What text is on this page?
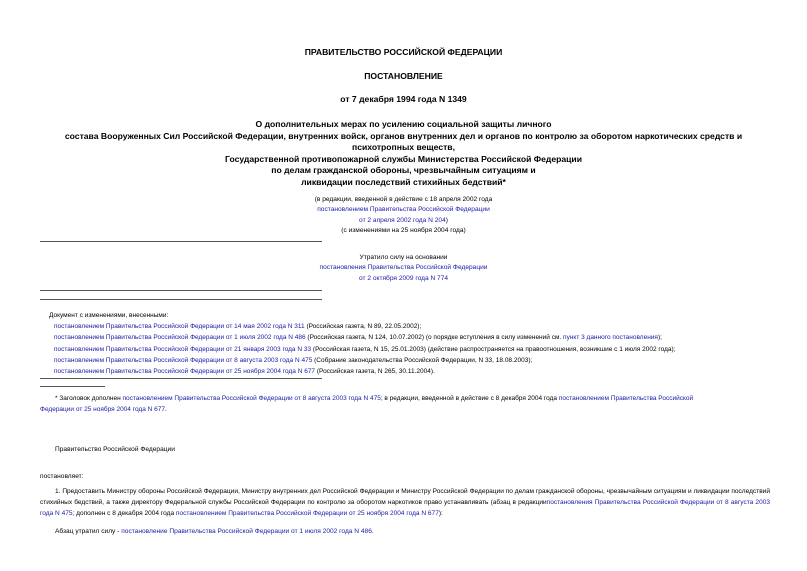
ПРАВИТЕЛЬСТВО РОССИЙСКОЙ ФЕДЕРАЦИИ
ПОСТАНОВЛЕНИЕ
от 7 декабря 1994 года N 1349
О дополнительных мерах по усилению социальной защиты личного
состава Вооруженных Сил Российской Федерации, внутренних войск, органов внутренних дел и органов по контролю за оборотом наркотических средств и психотропных веществ,
Государственной противопожарной службы Министерства Российской Федерации
по делам гражданской обороны, чрезвычайным ситуациям и
ликвидации последствий стихийных бедствий*
(в редакции, введенной в действие с 18 апреля 2002 года
постановлением Правительства Российской Федерации
от 2 апреля 2002 года N 204)
(с изменениями на 25 ноября 2004 года)
Утратило силу на основании
постановления Правительства Российской Федерации
от 2 октября 2009 года N 774
Документ с изменениями, внесенными:
постановлением Правительства Российской Федерации от 14 мая 2002 года N 311 (Российская газета, N 89, 22.05.2002);
постановлением Правительства Российской Федерации от 1 июля 2002 года N 486 (Российская газета, N 124, 10.07.2002) (о порядке вступления в силу изменений см. пункт 3 данного постановления);
постановлением Правительства Российской Федерации от 21 января 2003 года N 33 (Российская газета, N 15, 25.01.2003) (действие распространяется на правоотношения, возникшие с 1 июля 2002 года);
постановлением Правительства Российской Федерации от 8 августа 2003 года N 475 (Собрание законодательства Российской Федерации, N 33, 18.08.2003);
постановлением Правительства Российской Федерации от 25 ноября 2004 года N 677 (Российская газета, N 265, 30.11.2004).
* Заголовок дополнен постановлением Правительства Российской Федерации от 8 августа 2003 года N 475; в редакции, введенной в действие с 8 декабря 2004 года постановлением Правительства Российской
Федерации от 25 ноября 2004 года N 677.
Правительство Российской Федерации
постановляет:
1. Предоставить Министру обороны Российской Федерации, Министру внутренних дел Российской Федерации и Министру Российской Федерации по делам гражданской обороны, чрезвычайным ситуациям и ликвидации последствий стихийных бедствий, а также директору Федеральной службы Российской Федерации по контролю за оборотом наркотиков право устанавливать (абзац в редакциипостановления Правительства Российской Федерации от 8 августа 2003 года N 475; дополнен с 8 декабря 2004 года постановлением Правительства Российской Федерации от 25 ноября 2004 года N 677):
Абзац утратил силу - постановление Правительства Российской Федерации от 1 июля 2002 года N 486.
